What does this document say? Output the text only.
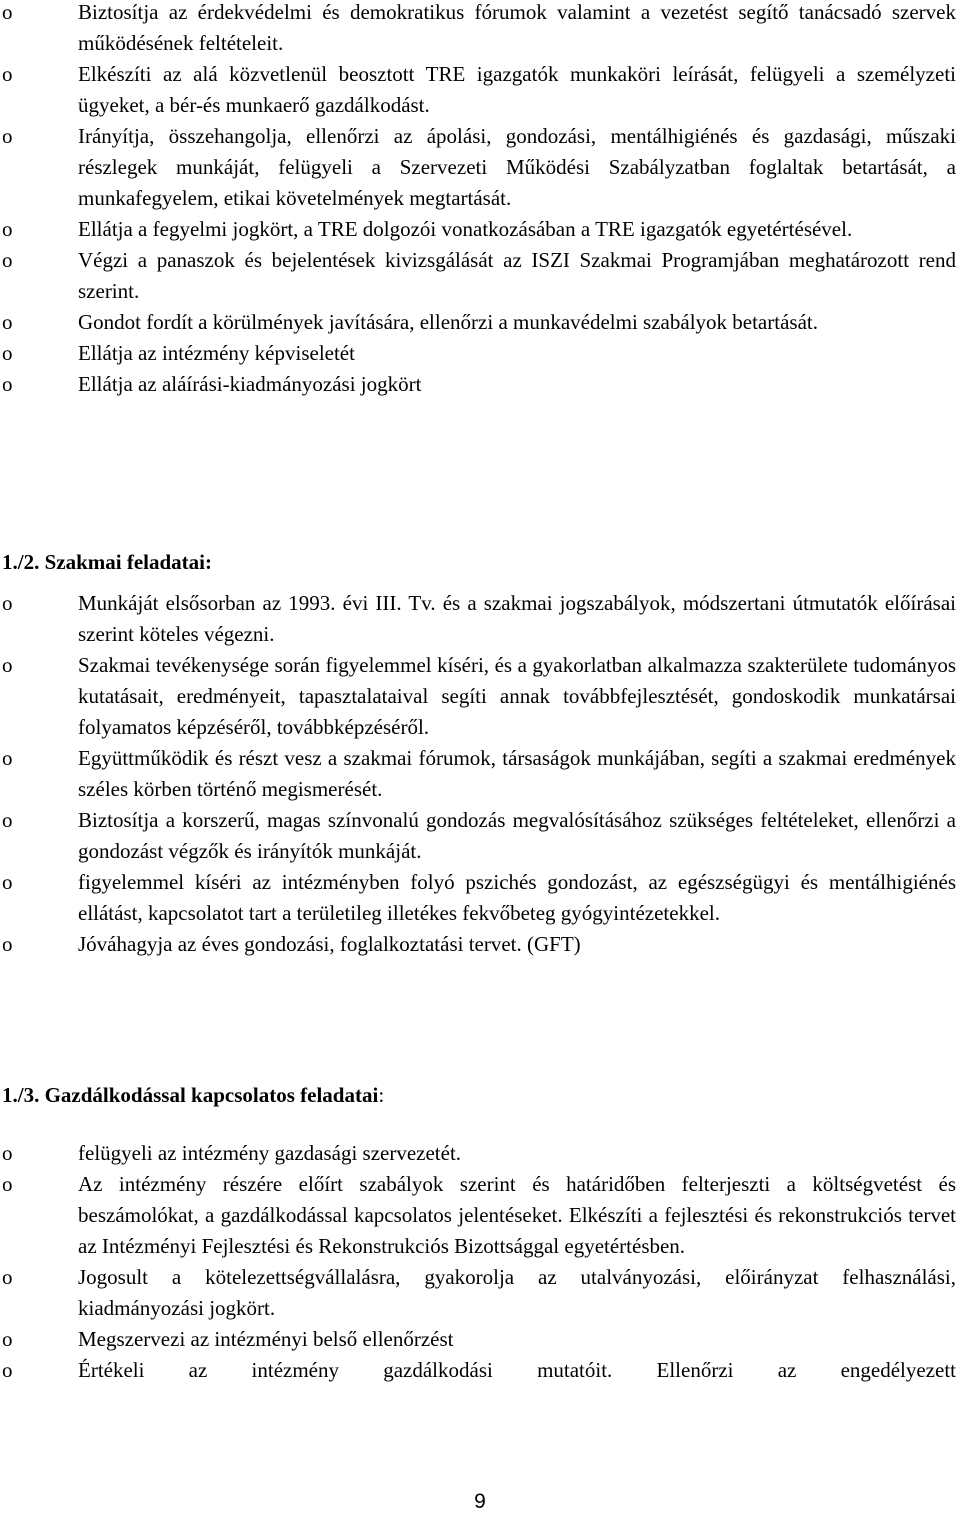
o	Biztosítja az érdekvédelmi és demokratikus fórumok valamint a vezetést segítő tanácsadó szervek működésének feltételeit.
o	Elkészíti az alá közvetlenül beosztott TRE igazgatók munkaköri leírását, felügyeli a személyzeti ügyeket, a bér-és munkaerő gazdálkodást.
o	Irányítja, összehangolja, ellenőrzi az ápolási, gondozási, mentálhigiénés és gazdasági, műszaki részlegek munkáját, felügyeli a Szervezeti Működési Szabályzatban foglaltak betartását, a munkafegyelem, etikai követelmények megtartását.
o	Ellátja a fegyelmi jogkört, a TRE dolgozói vonatkozásában a TRE igazgatók egyetértésével.
o	Végzi a panaszok és bejelentések kivizsgálását az ISZI Szakmai Programjában meghatározott rend szerint.
o	Gondot fordít a körülmények javítására, ellenőrzi a munkavédelmi szabályok betartását.
o	Ellátja az intézmény képviseletét
o	Ellátja az aláírási-kiadmányozási jogkört
1./2. Szakmai feladatai:
o	Munkáját elsősorban az 1993. évi III. Tv. és a szakmai jogszabályok, módszertani útmutatók előírásai szerint köteles végezni.
o	Szakmai tevékenysége során figyelemmel kíséri, és a gyakorlatban alkalmazza szakterülete tudományos kutatásait, eredményeit, tapasztalataival segíti annak továbbfejlesztését, gondoskodik munkatársai folyamatos képzéséről, továbbképzéséről.
o	Együttműködik és részt vesz a szakmai fórumok, társaságok munkájában, segíti a szakmai eredmények széles körben történő megismerését.
o	Biztosítja a korszerű, magas színvonalú gondozás megvalósításához szükséges feltételeket, ellenőrzi a gondozást végzők és irányítók munkáját.
o	figyelemmel kíséri az intézményben folyó pszichés gondozást, az egészségügyi és mentálhigiénés ellátást, kapcsolatot tart a területileg illetékes fekvőbeteg gyógyintézetekkel.
o	Jóváhagyja az éves gondozási, foglalkoztatási tervet. (GFT)
1./3. Gazdálkodással kapcsolatos feladatai:
o	felügyeli az intézmény gazdasági szervezetét.
o	Az intézmény részére előírt szabályok szerint és határidőben felterjeszti a költségvetést és beszámolókat, a gazdálkodással kapcsolatos jelentéseket. Elkészíti a fejlesztési és rekonstrukciós tervet az Intézményi Fejlesztési és Rekonstrukciós Bizottsággal egyetértésben.
o	Jogosult a kötelezettségvállalásra, gyakorolja az utalványozási, előirányzat felhasználási, kiadmányozási jogkört.
o	Megszervezi az intézményi belső ellenőrzést
o	Értékeli az intézmény gazdálkodási mutatóit. Ellenőrzi az engedélyezett
9
